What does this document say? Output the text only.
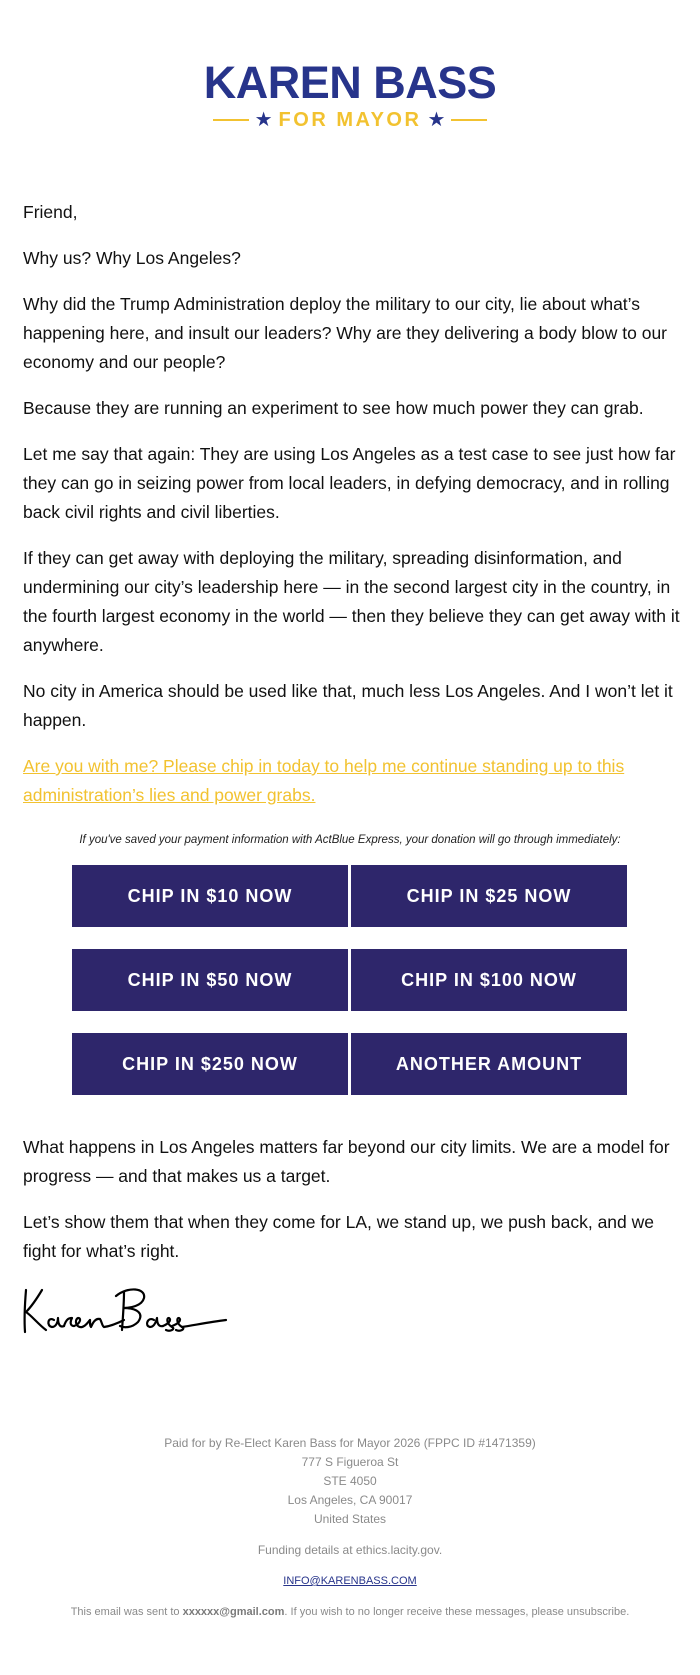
KAREN BASS
★ FOR MAYOR ★

Friend,

Why us? Why Los Angeles?

Why did the Trump Administration deploy the military to our city, lie about what’s happening here, and insult our leaders? Why are they delivering a body blow to our economy and our people?

Because they are running an experiment to see how much power they can grab.

Let me say that again: They are using Los Angeles as a test case to see just how far they can go in seizing power from local leaders, in defying democracy, and in rolling back civil rights and civil liberties.

If they can get away with deploying the military, spreading disinformation, and undermining our city’s leadership here — in the second largest city in the country, in the fourth largest economy in the world — then they believe they can get away with it anywhere.

No city in America should be used like that, much less Los Angeles. And I won’t let it happen.

Are you with me? Please chip in today to help me continue standing up to this administration’s lies and power grabs.

If you've saved your payment information with ActBlue Express, your donation will go through immediately:
CHIP IN $10 NOW	CHIP IN $25 NOW
CHIP IN $50 NOW	CHIP IN $100 NOW
CHIP IN $250 NOW	ANOTHER AMOUNT

What happens in Los Angeles matters far beyond our city limits. We are a model for progress — and that makes us a target.

Let’s show them that when they come for LA, we stand up, we push back, and we fight for what’s right.

Paid for by Re-Elect Karen Bass for Mayor 2026 (FPPC ID #1471359)
777 S Figueroa St
STE 4050
Los Angeles, CA 90017
United States
Funding details at ethics.lacity.gov.
INFO@KARENBASS.COM
This email was sent to xxxxxx@gmail.com. If you wish to no longer receive these messages, please unsubscribe.
